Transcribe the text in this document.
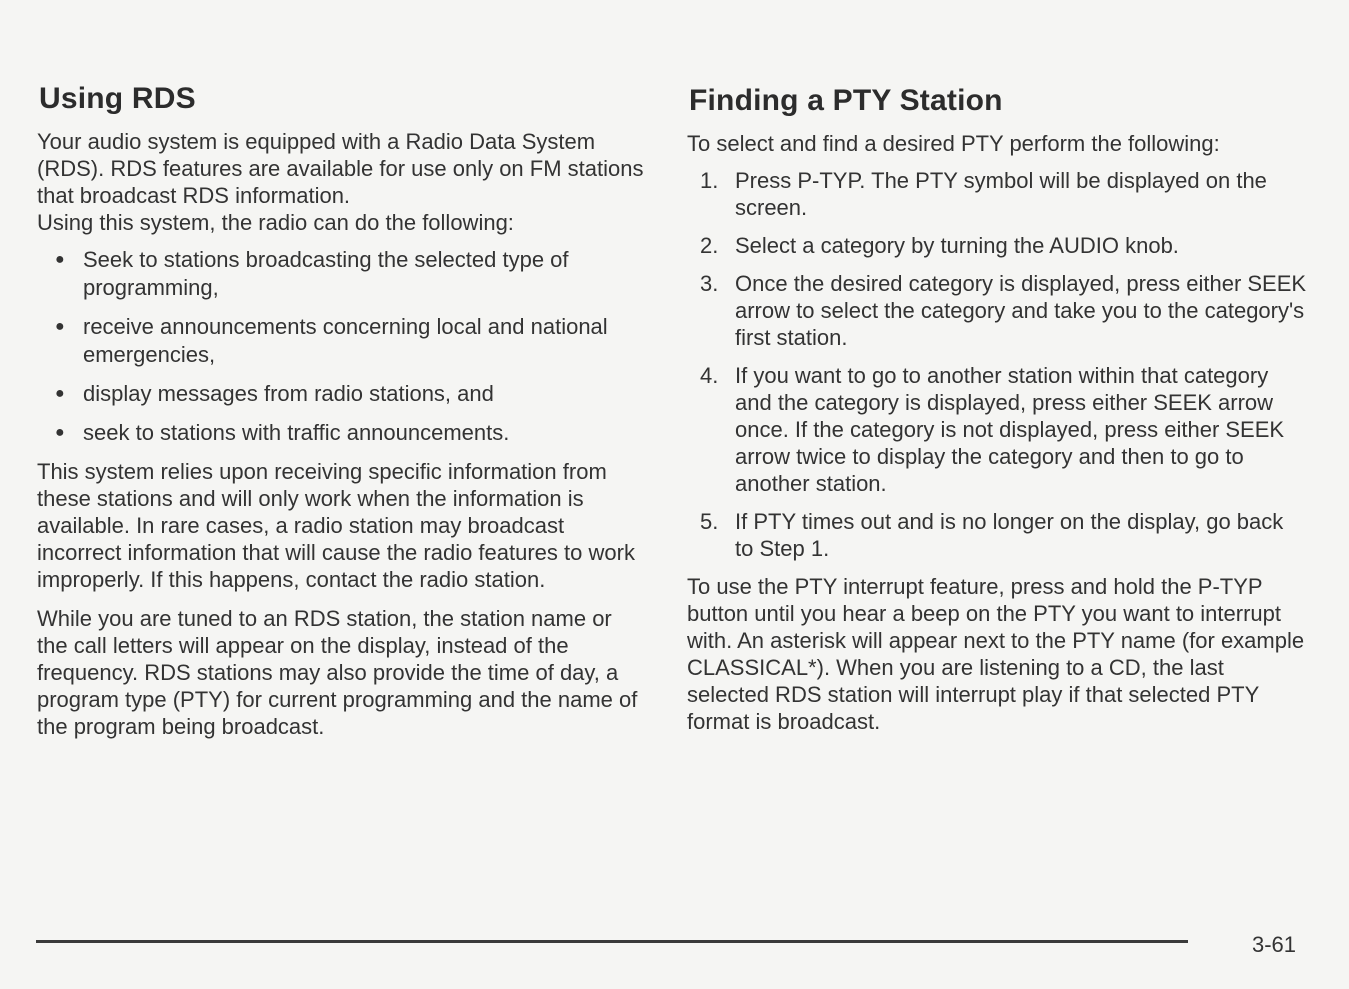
Using RDS

Your audio system is equipped with a Radio Data System (RDS). RDS features are available for use only on FM stations that broadcast RDS information.

Using this system, the radio can do the following:

● Seek to stations broadcasting the selected type of programming,
● receive announcements concerning local and national emergencies,
● display messages from radio stations, and
● seek to stations with traffic announcements.

This system relies upon receiving specific information from these stations and will only work when the information is available. In rare cases, a radio station may broadcast incorrect information that will cause the radio features to work improperly. If this happens, contact the radio station.

While you are tuned to an RDS station, the station name or the call letters will appear on the display, instead of the frequency. RDS stations may also provide the time of day, a program type (PTY) for current programming and the name of the program being broadcast.

Finding a PTY Station

To select and find a desired PTY perform the following:

1. Press P-TYP. The PTY symbol will be displayed on the screen.
2. Select a category by turning the AUDIO knob.
3. Once the desired category is displayed, press either SEEK arrow to select the category and take you to the category's first station.
4. If you want to go to another station within that category and the category is displayed, press either SEEK arrow once. If the category is not displayed, press either SEEK arrow twice to display the category and then to go to another station.
5. If PTY times out and is no longer on the display, go back to Step 1.

To use the PTY interrupt feature, press and hold the P-TYP button until you hear a beep on the PTY you want to interrupt with. An asterisk will appear next to the PTY name (for example CLASSICAL*). When you are listening to a CD, the last selected RDS station will interrupt play if that selected PTY format is broadcast.

3-61
